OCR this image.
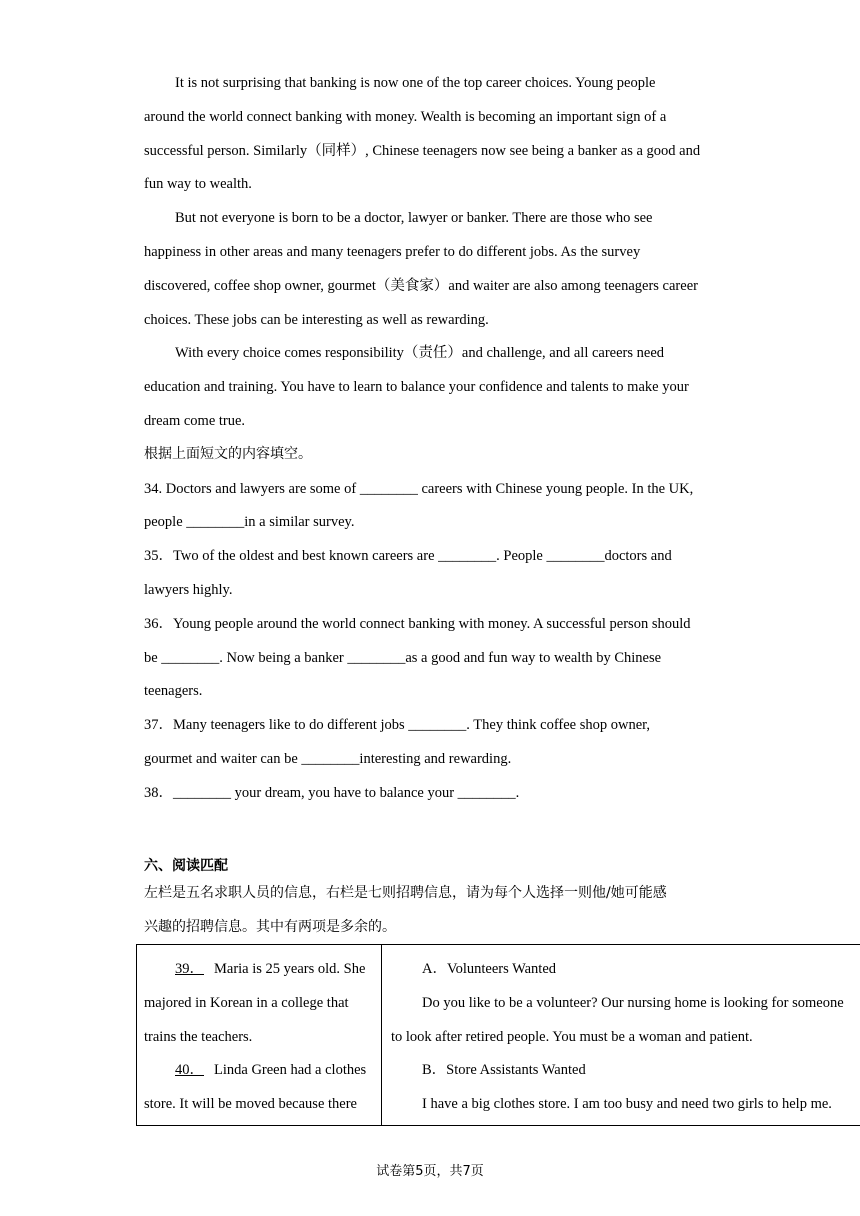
It is not surprising that banking is now one of the top career choices. Young people
around the world connect banking with money. Wealth is becoming an important sign of a
successful person. Similarly（同样）, Chinese teenagers now see being a banker as a good and
fun way to wealth.
But not everyone is born to be a doctor, lawyer or banker. There are those who see
happiness in other areas and many teenagers prefer to do different jobs. As the survey
discovered, coffee shop owner, gourmet（美食家）and waiter are also among teenagers career
choices. These jobs can be interesting as well as rewarding.
With every choice comes responsibility（责任）and challenge, and all careers need
education and training. You have to learn to balance your confidence and talents to make your
dream come true.
根据上面短文的内容填空。
34. Doctors and lawyers are some of ________ careers with Chinese young people. In the UK,
people ________in a similar survey.
35．Two of the oldest and best known careers are ________. People ________doctors and
lawyers highly.
36．Young people around the world connect banking with money. A successful person should
be ________. Now being a banker ________as a good and fun way to wealth by Chinese
teenagers.
37．Many teenagers like to do different jobs ________. They think coffee shop owner,
gourmet and waiter can be ________interesting and rewarding.
38．________ your dream, you have to balance your ________.
六、阅读匹配
左栏是五名求职人员的信息，右栏是七则招聘信息，请为每个人选择一则他/她可能感
兴趣的招聘信息。其中有两项是多余的。
39． Maria is 25 years old. She
majored in Korean in a college that
trains the teachers.
40． Linda Green had a clothes
store. It will be moved because there

A．Volunteers Wanted
Do you like to be a volunteer? Our nursing home is looking for someone
to look after retired people. You must be a woman and patient.
B．Store Assistants Wanted
I have a big clothes store. I am too busy and need two girls to help me.
试卷第5页，共7页
